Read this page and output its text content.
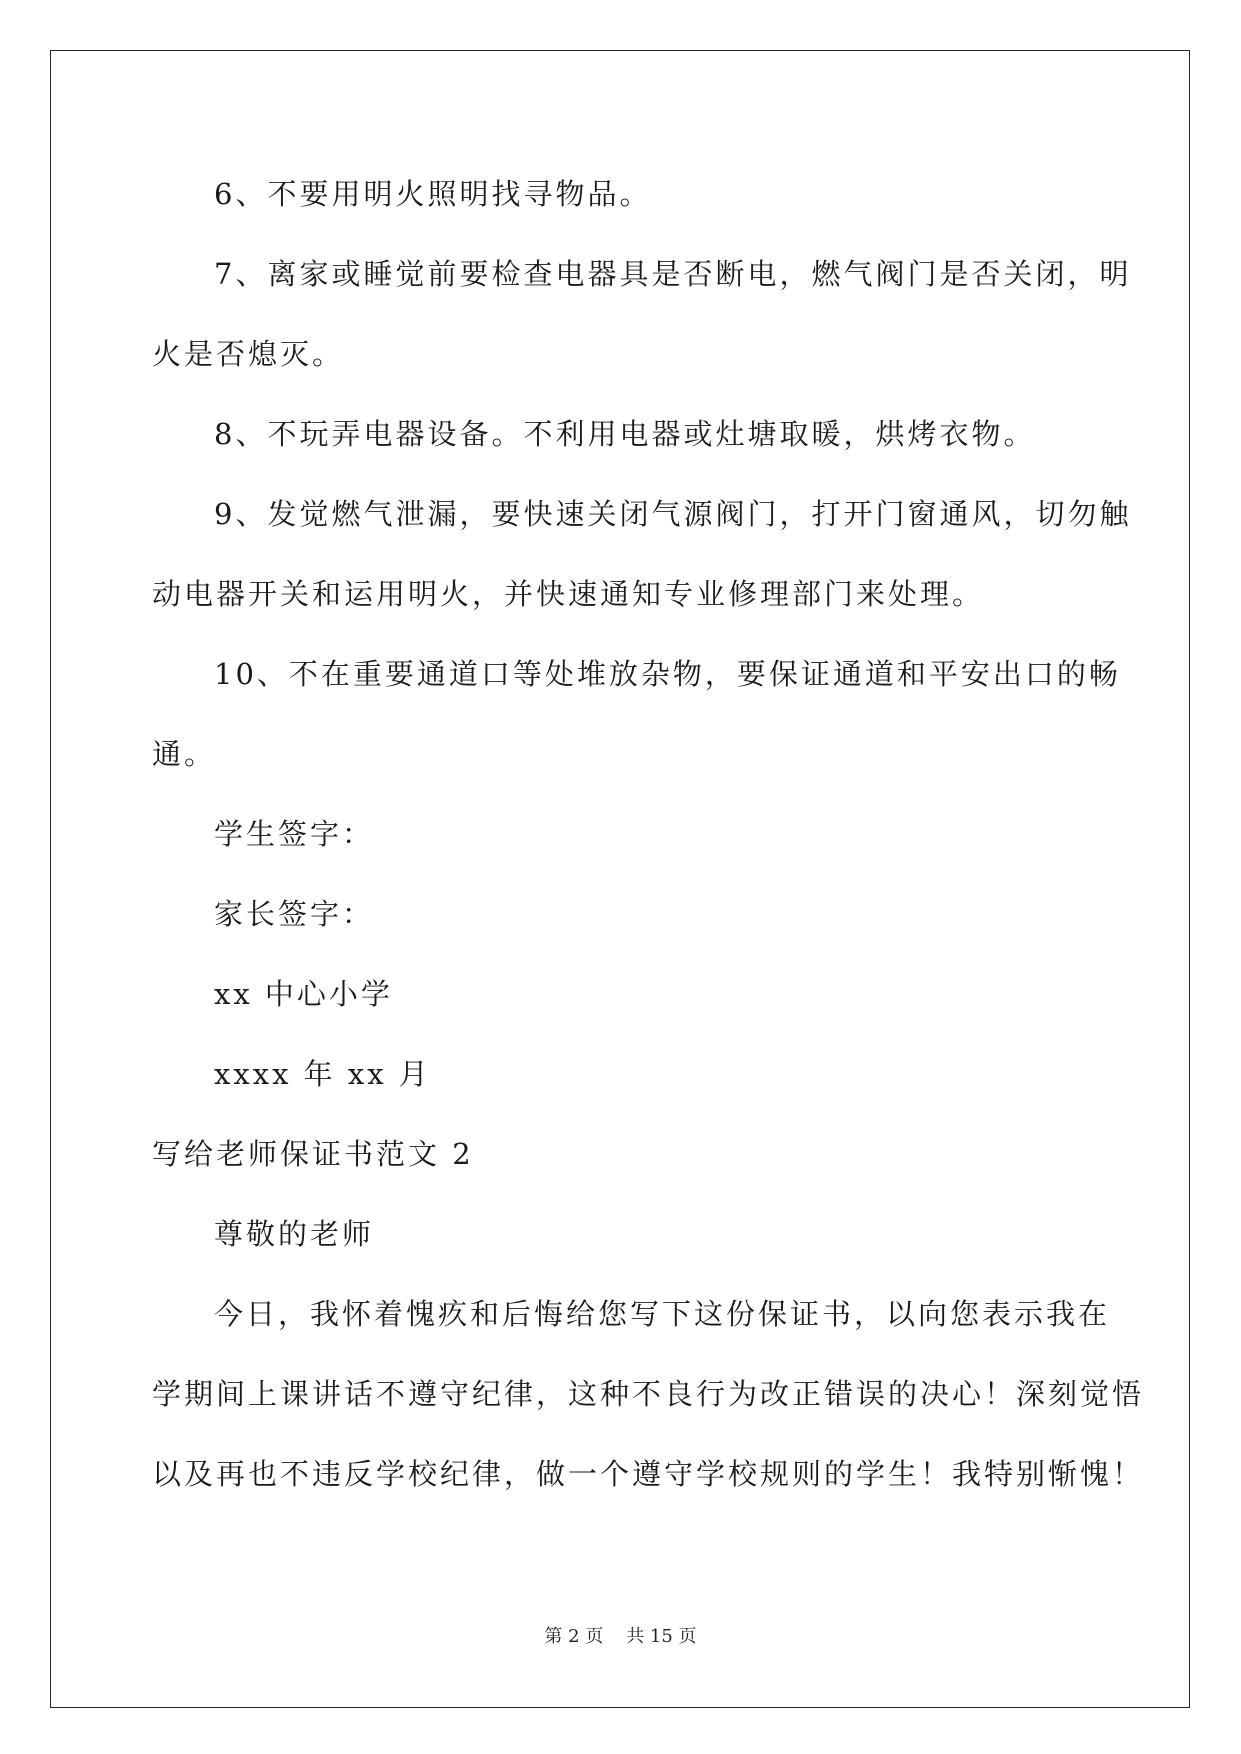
6、不要用明火照明找寻物品。

7、离家或睡觉前要检查电器具是否断电，燃气阀门是否关闭，明

火是否熄灭。

8、不玩弄电器设备。不利用电器或灶塘取暖，烘烤衣物。

9、发觉燃气泄漏，要快速关闭气源阀门，打开门窗通风，切勿触

动电器开关和运用明火，并快速通知专业修理部门来处理。

10、不在重要通道口等处堆放杂物，要保证通道和平安出口的畅

通。

学生签字：

家长签字：

xx 中心小学

xxxx 年 xx 月

写给老师保证书范文 2

尊敬的老师

今日，我怀着愧疚和后悔给您写下这份保证书，以向您表示我在

学期间上课讲话不遵守纪律，这种不良行为改正错误的决心！深刻觉悟

以及再也不违反学校纪律，做一个遵守学校规则的学生！我特别惭愧！

第 2 页    共 15 页
